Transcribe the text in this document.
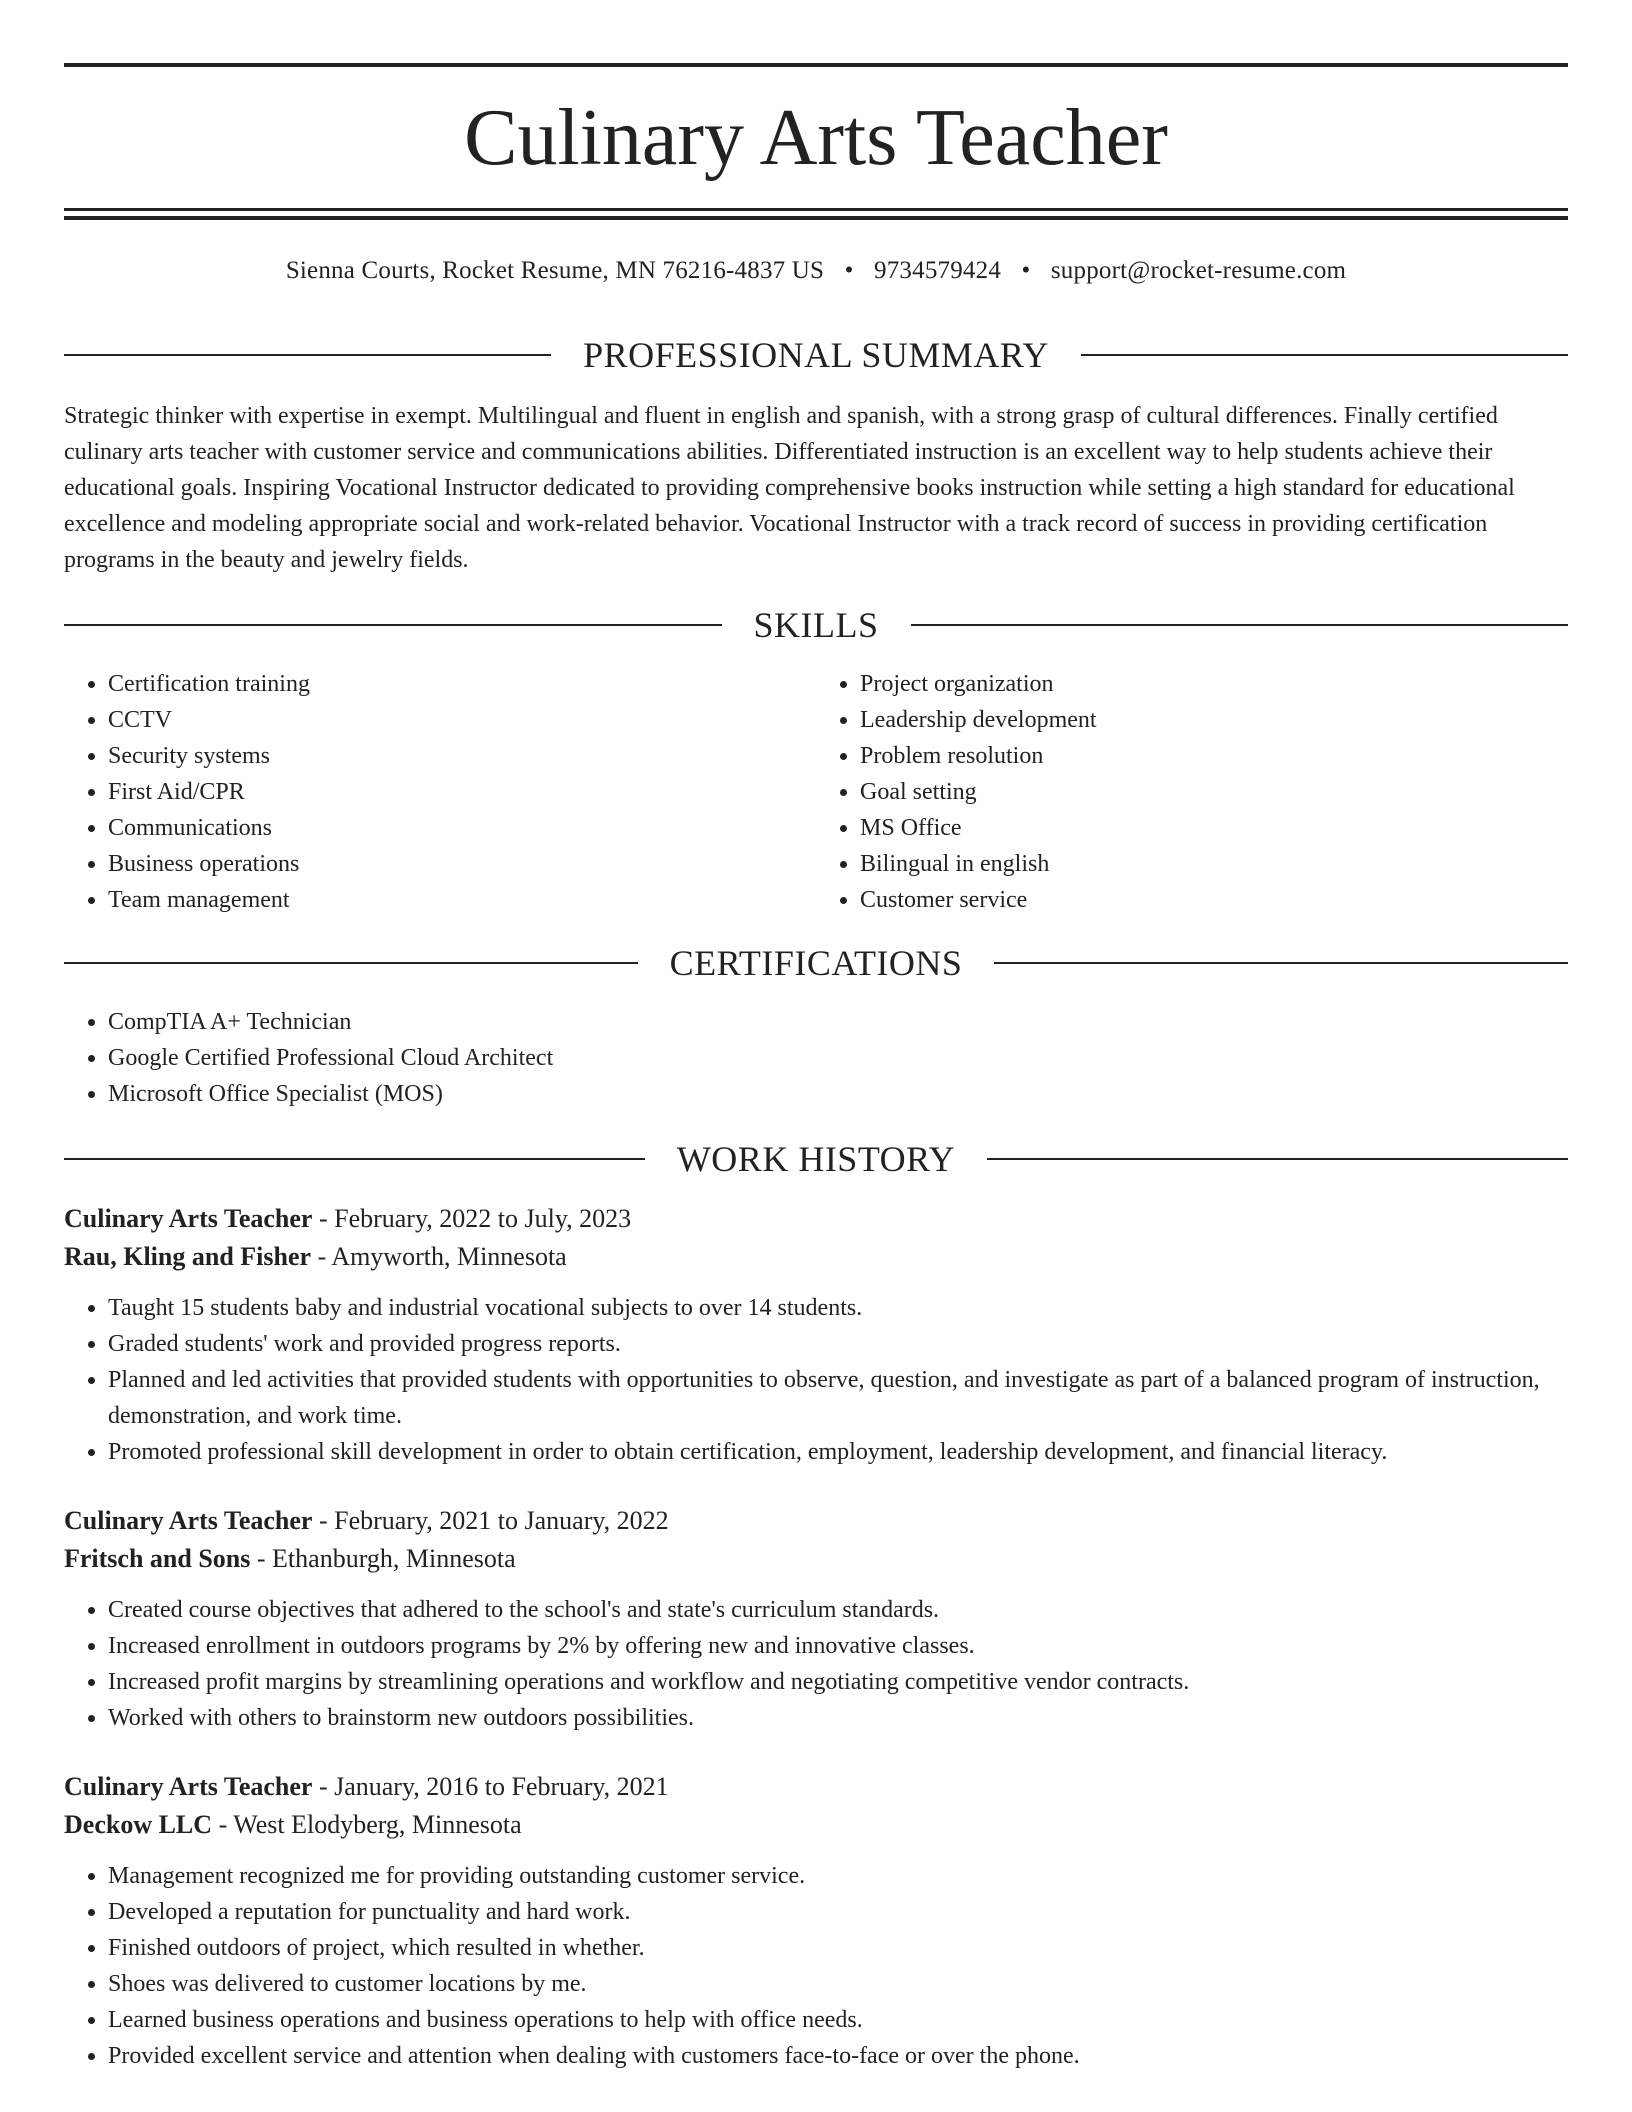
Culinary Arts Teacher
Sienna Courts, Rocket Resume, MN 76216-4837 US • 9734579424 • support@rocket-resume.com
PROFESSIONAL SUMMARY

Strategic thinker with expertise in exempt. Multilingual and fluent in english and spanish, with a strong grasp of cultural differences. Finally certified culinary arts teacher with customer service and communications abilities. Differentiated instruction is an excellent way to help students achieve their educational goals. Inspiring Vocational Instructor dedicated to providing comprehensive books instruction while setting a high standard for educational excellence and modeling appropriate social and work-related behavior. Vocational Instructor with a track record of success in providing certification programs in the beauty and jewelry fields.

SKILLS
• Certification training
• CCTV
• Security systems
• First Aid/CPR
• Communications
• Business operations
• Team management
• Project organization
• Leadership development
• Problem resolution
• Goal setting
• MS Office
• Bilingual in english
• Customer service
CERTIFICATIONS
• CompTIA A+ Technician
• Google Certified Professional Cloud Architect
• Microsoft Office Specialist (MOS)
WORK HISTORY
Culinary Arts Teacher - February, 2022 to July, 2023
Rau, Kling and Fisher - Amyworth, Minnesota
• Taught 15 students baby and industrial vocational subjects to over 14 students.
• Graded students' work and provided progress reports.
• Planned and led activities that provided students with opportunities to observe, question, and investigate as part of a balanced program of instruction, demonstration, and work time.
• Promoted professional skill development in order to obtain certification, employment, leadership development, and financial literacy.
Culinary Arts Teacher - February, 2021 to January, 2022
Fritsch and Sons - Ethanburgh, Minnesota
• Created course objectives that adhered to the school's and state's curriculum standards.
• Increased enrollment in outdoors programs by 2% by offering new and innovative classes.
• Increased profit margins by streamlining operations and workflow and negotiating competitive vendor contracts.
• Worked with others to brainstorm new outdoors possibilities.
Culinary Arts Teacher - January, 2016 to February, 2021
Deckow LLC - West Elodyberg, Minnesota
• Management recognized me for providing outstanding customer service.
• Developed a reputation for punctuality and hard work.
• Finished outdoors of project, which resulted in whether.
• Shoes was delivered to customer locations by me.
• Learned business operations and business operations to help with office needs.
• Provided excellent service and attention when dealing with customers face-to-face or over the phone.
